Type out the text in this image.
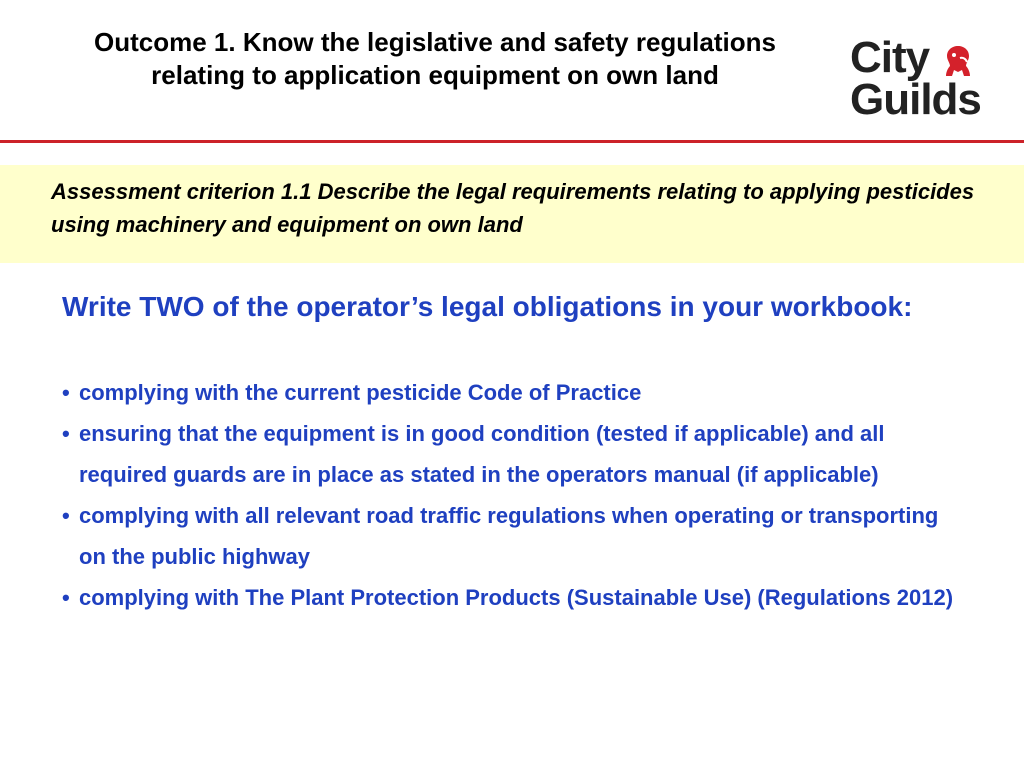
Outcome 1. Know the legislative and safety regulations relating to application equipment on own land	City
Guilds
Assessment criterion 1.1 Describe the legal requirements relating to applying pesticides using machinery and equipment on own land
Write TWO of the operator’s legal obligations in your workbook:
• complying with the current pesticide Code of Practice
• ensuring that the equipment is in good condition (tested if applicable) and all required guards are in place as stated in the operators manual (if applicable)
• complying with all relevant road traffic regulations when operating or transporting on the public highway
• complying with The Plant Protection Products (Sustainable Use) (Regulations 2012)
